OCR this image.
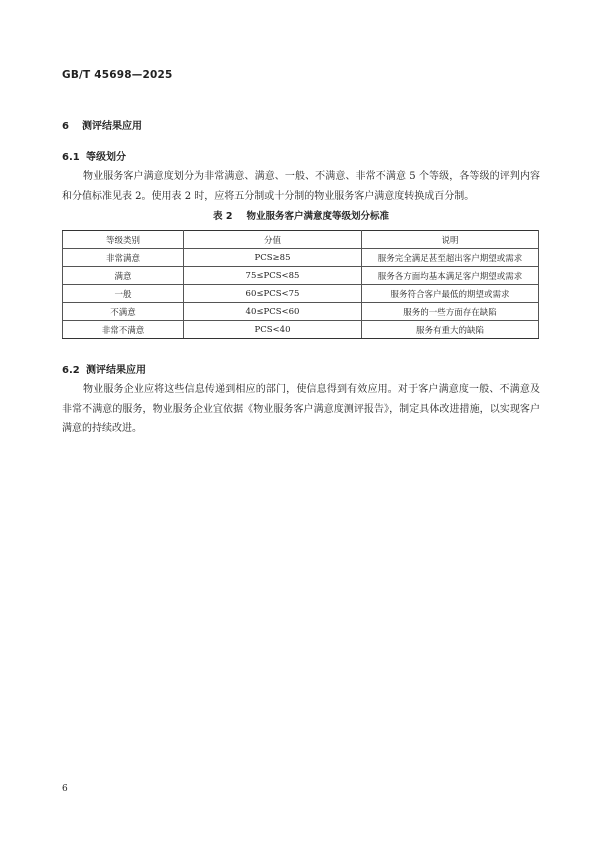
GB/T 45698—2025
6 测评结果应用
6.1 等级划分
物业服务客户满意度划分为非常满意、满意、一般、不满意、非常不满意 5 个等级，各等级的评判内容和分值标准见表 2。使用表 2 时，应将五分制或十分制的物业服务客户满意度转换成百分制。
表 2 物业服务客户满意度等级划分标准
等级类别	分值	说明
非常满意	PCS≥85	服务完全满足甚至超出客户期望或需求
满意	75≤PCS<85	服务各方面均基本满足客户期望或需求
一般	60≤PCS<75	服务符合客户最低的期望或需求
不满意	40≤PCS<60	服务的一些方面存在缺陷
非常不满意	PCS<40	服务有重大的缺陷
6.2 测评结果应用
物业服务企业应将这些信息传递到相应的部门，使信息得到有效应用。对于客户满意度一般、不满意及非常不满意的服务，物业服务企业宜依据《物业服务客户满意度测评报告》，制定具体改进措施，以实现客户满意的持续改进。
6
